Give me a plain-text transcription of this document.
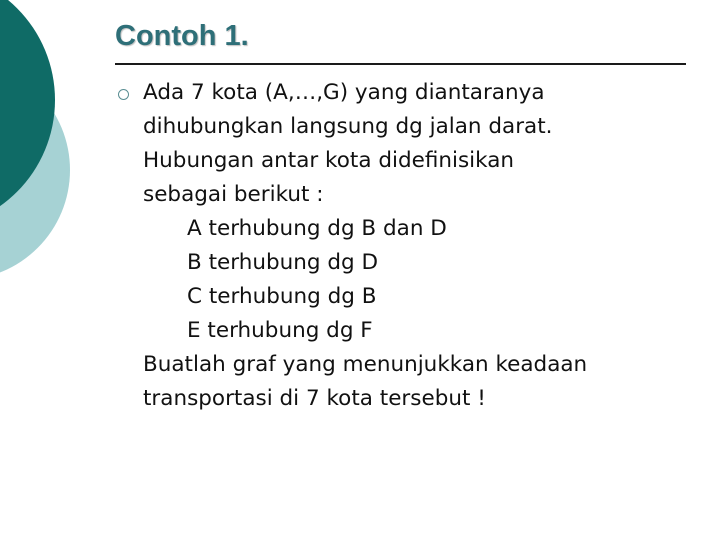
Contoh 1.
Ada 7 kota (A,…,G) yang diantaranya
dihubungkan langsung dg jalan darat.
Hubungan antar kota didefinisikan
sebagai berikut :
A terhubung dg B dan D
B terhubung dg D
C terhubung dg B
E terhubung dg F
Buatlah graf yang menunjukkan keadaan
transportasi di 7 kota tersebut !
